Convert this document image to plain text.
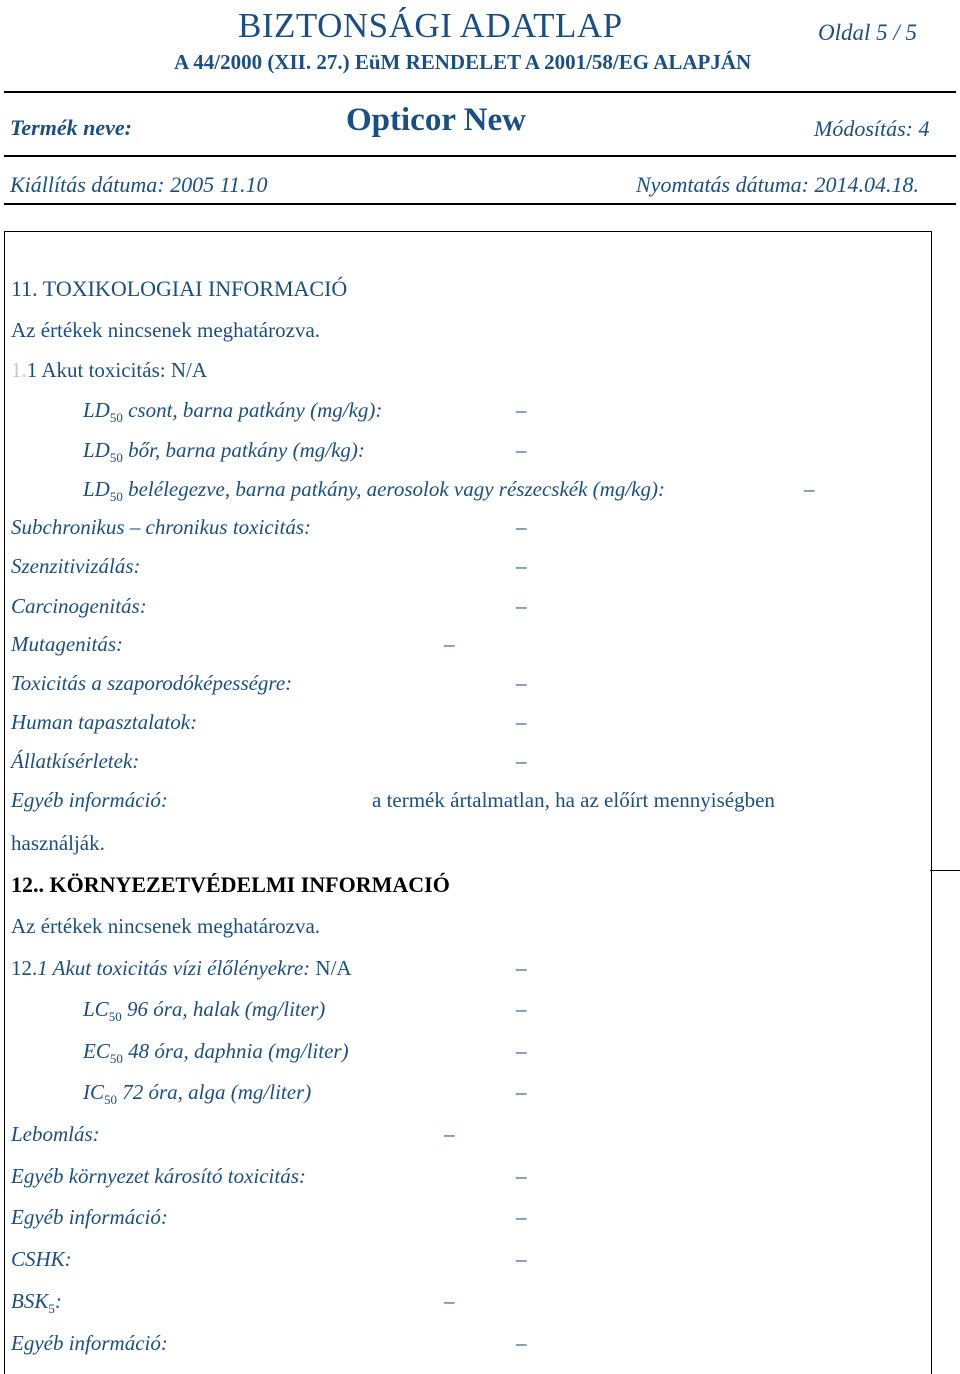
BIZTONSÁGI ADATLAP	Oldal 5 / 5
A 44/2000 (XII. 27.) EüM RENDELET A 2001/58/EG ALAPJÁN
Termék neve:	Opticor New	Módosítás: 4
Kiállítás dátuma: 2005 11.10	Nyomtatás dátuma: 2014.04.18.
11. TOXIKOLOGIAI INFORMACIÓ
Az értékek nincsenek meghatározva.
1.1 Akut toxicitás: N/A
$LD_{50}$ csont, barna patkány (mg/kg):	–
$LD_{50}$ bőr, barna patkány (mg/kg):	–
$LD_{50}$ belélegezve, barna patkány, aerosolok vagy részecskék (mg/kg):	–
Subchronikus – chronikus toxicitás:	–
Szenzitivizálás:	–
Carcinogenitás:	–
Mutagenitás:	–
Toxicitás a szaporodóképességre:	–
Human tapasztalatok:	–
Állatkísérletek:	–
Egyéb információ:	a termék ártalmatlan, ha az előírt mennyiségben
használják.
12.. KÖRNYEZETVÉDELMI INFORMACIÓ
Az értékek nincsenek meghatározva.
12.1 Akut toxicitás vízi élőlényekre: N/A	–
$LC_{50}$ 96 óra, halak (mg/liter)	–
$EC_{50}$ 48 óra, daphnia (mg/liter)	–
$IC_{50}$ 72 óra, alga (mg/liter)	–
Lebomlás:	–
Egyéb környezet károsító toxicitás:	–
Egyéb információ:	–
CSHK:	–
$BSK_5$:	–
Egyéb információ:	–
